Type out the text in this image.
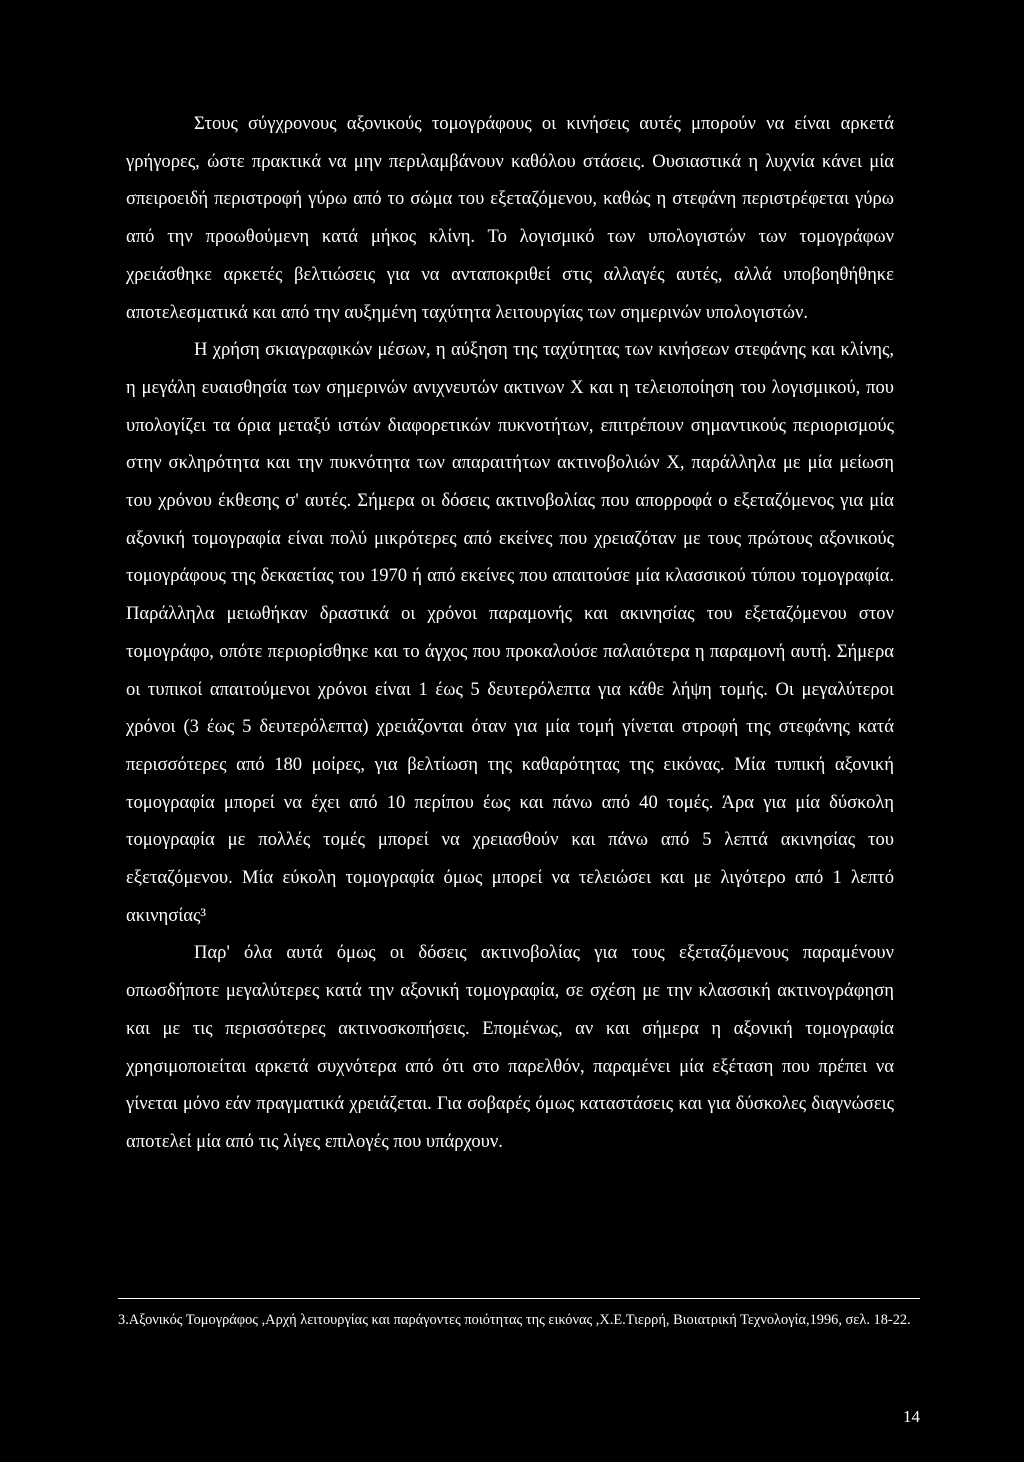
Στους σύγχρονους αξονικούς τομογράφους οι κινήσεις αυτές μπορούν να είναι αρκετά γρήγορες, ώστε πρακτικά να μην περιλαμβάνουν καθόλου στάσεις. Ουσιαστικά η λυχνία κάνει μία σπειροειδή περιστροφή γύρω από το σώμα του εξεταζόμενου, καθώς η στεφάνη περιστρέφεται γύρω από την προωθούμενη κατά μήκος κλίνη. Το λογισμικό των υπολογιστών των τομογράφων χρειάσθηκε αρκετές βελτιώσεις για να ανταποκριθεί στις αλλαγές αυτές, αλλά υποβοηθήθηκε αποτελεσματικά και από την αυξημένη ταχύτητα λειτουργίας των σημερινών υπολογιστών.

Η χρήση σκιαγραφικών μέσων, η αύξηση της ταχύτητας των κινήσεων στεφάνης και κλίνης, η μεγάλη ευαισθησία των σημερινών ανιχνευτών ακτινων Χ και η τελειοποίηση του λογισμικού, που υπολογίζει τα όρια μεταξύ ιστών διαφορετικών πυκνοτήτων, επιτρέπουν σημαντικούς περιορισμούς στην σκληρότητα και την πυκνότητα των απαραιτήτων ακτινοβολιών Χ, παράλληλα με μία μείωση του χρόνου έκθεσης σ' αυτές. Σήμερα οι δόσεις ακτινοβολίας που απορροφά ο εξεταζόμενος για μία αξονική τομογραφία είναι πολύ μικρότερες από εκείνες που χρειαζόταν με τους πρώτους αξονικούς τομογράφους της δεκαετίας του 1970 ή από εκείνες που απαιτούσε μία κλασσικού τύπου τομογραφία. Παράλληλα μειωθήκαν δραστικά οι χρόνοι παραμονής και ακινησίας του εξεταζόμενου στον τομογράφο, οπότε περιορίσθηκε και το άγχος που προκαλούσε παλαιότερα η παραμονή αυτή. Σήμερα οι τυπικοί απαιτούμενοι χρόνοι είναι 1 έως 5 δευτερόλεπτα για κάθε λήψη τομής. Οι μεγαλύτεροι χρόνοι (3 έως 5 δευτερόλεπτα) χρειάζονται όταν για μία τομή γίνεται στροφή της στεφάνης κατά περισσότερες από 180 μοίρες, για βελτίωση της καθαρότητας της εικόνας. Μία τυπική αξονική τομογραφία μπορεί να έχει από 10 περίπου έως και πάνω από 40 τομές. Άρα για μία δύσκολη τομογραφία με πολλές τομές μπορεί να χρειασθούν και πάνω από 5 λεπτά ακινησίας του εξεταζόμενου. Μία εύκολη τομογραφία όμως μπορεί να τελειώσει και με λιγότερο από 1 λεπτό ακινησίας³

Παρ' όλα αυτά όμως οι δόσεις ακτινοβολίας για τους εξεταζόμενους παραμένουν οπωσδήποτε μεγαλύτερες κατά την αξονική τομογραφία, σε σχέση με την κλασσική ακτινογράφηση και με τις περισσότερες ακτινοσκοπήσεις. Επομένως, αν και σήμερα η αξονική τομογραφία χρησιμοποιείται αρκετά συχνότερα από ότι στο παρελθόν, παραμένει μία εξέταση που πρέπει να γίνεται μόνο εάν πραγματικά χρειάζεται. Για σοβαρές όμως καταστάσεις και για δύσκολες διαγνώσεις αποτελεί μία από τις λίγες επιλογές που υπάρχουν.

3.Αξονικός Τομογράφος ,Αρχή λειτουργίας και παράγοντες ποιότητας της εικόνας ,Χ.Ε.Τιερρή, Βιοιατρική Τεχνολογία,1996, σελ. 18-22.
14
